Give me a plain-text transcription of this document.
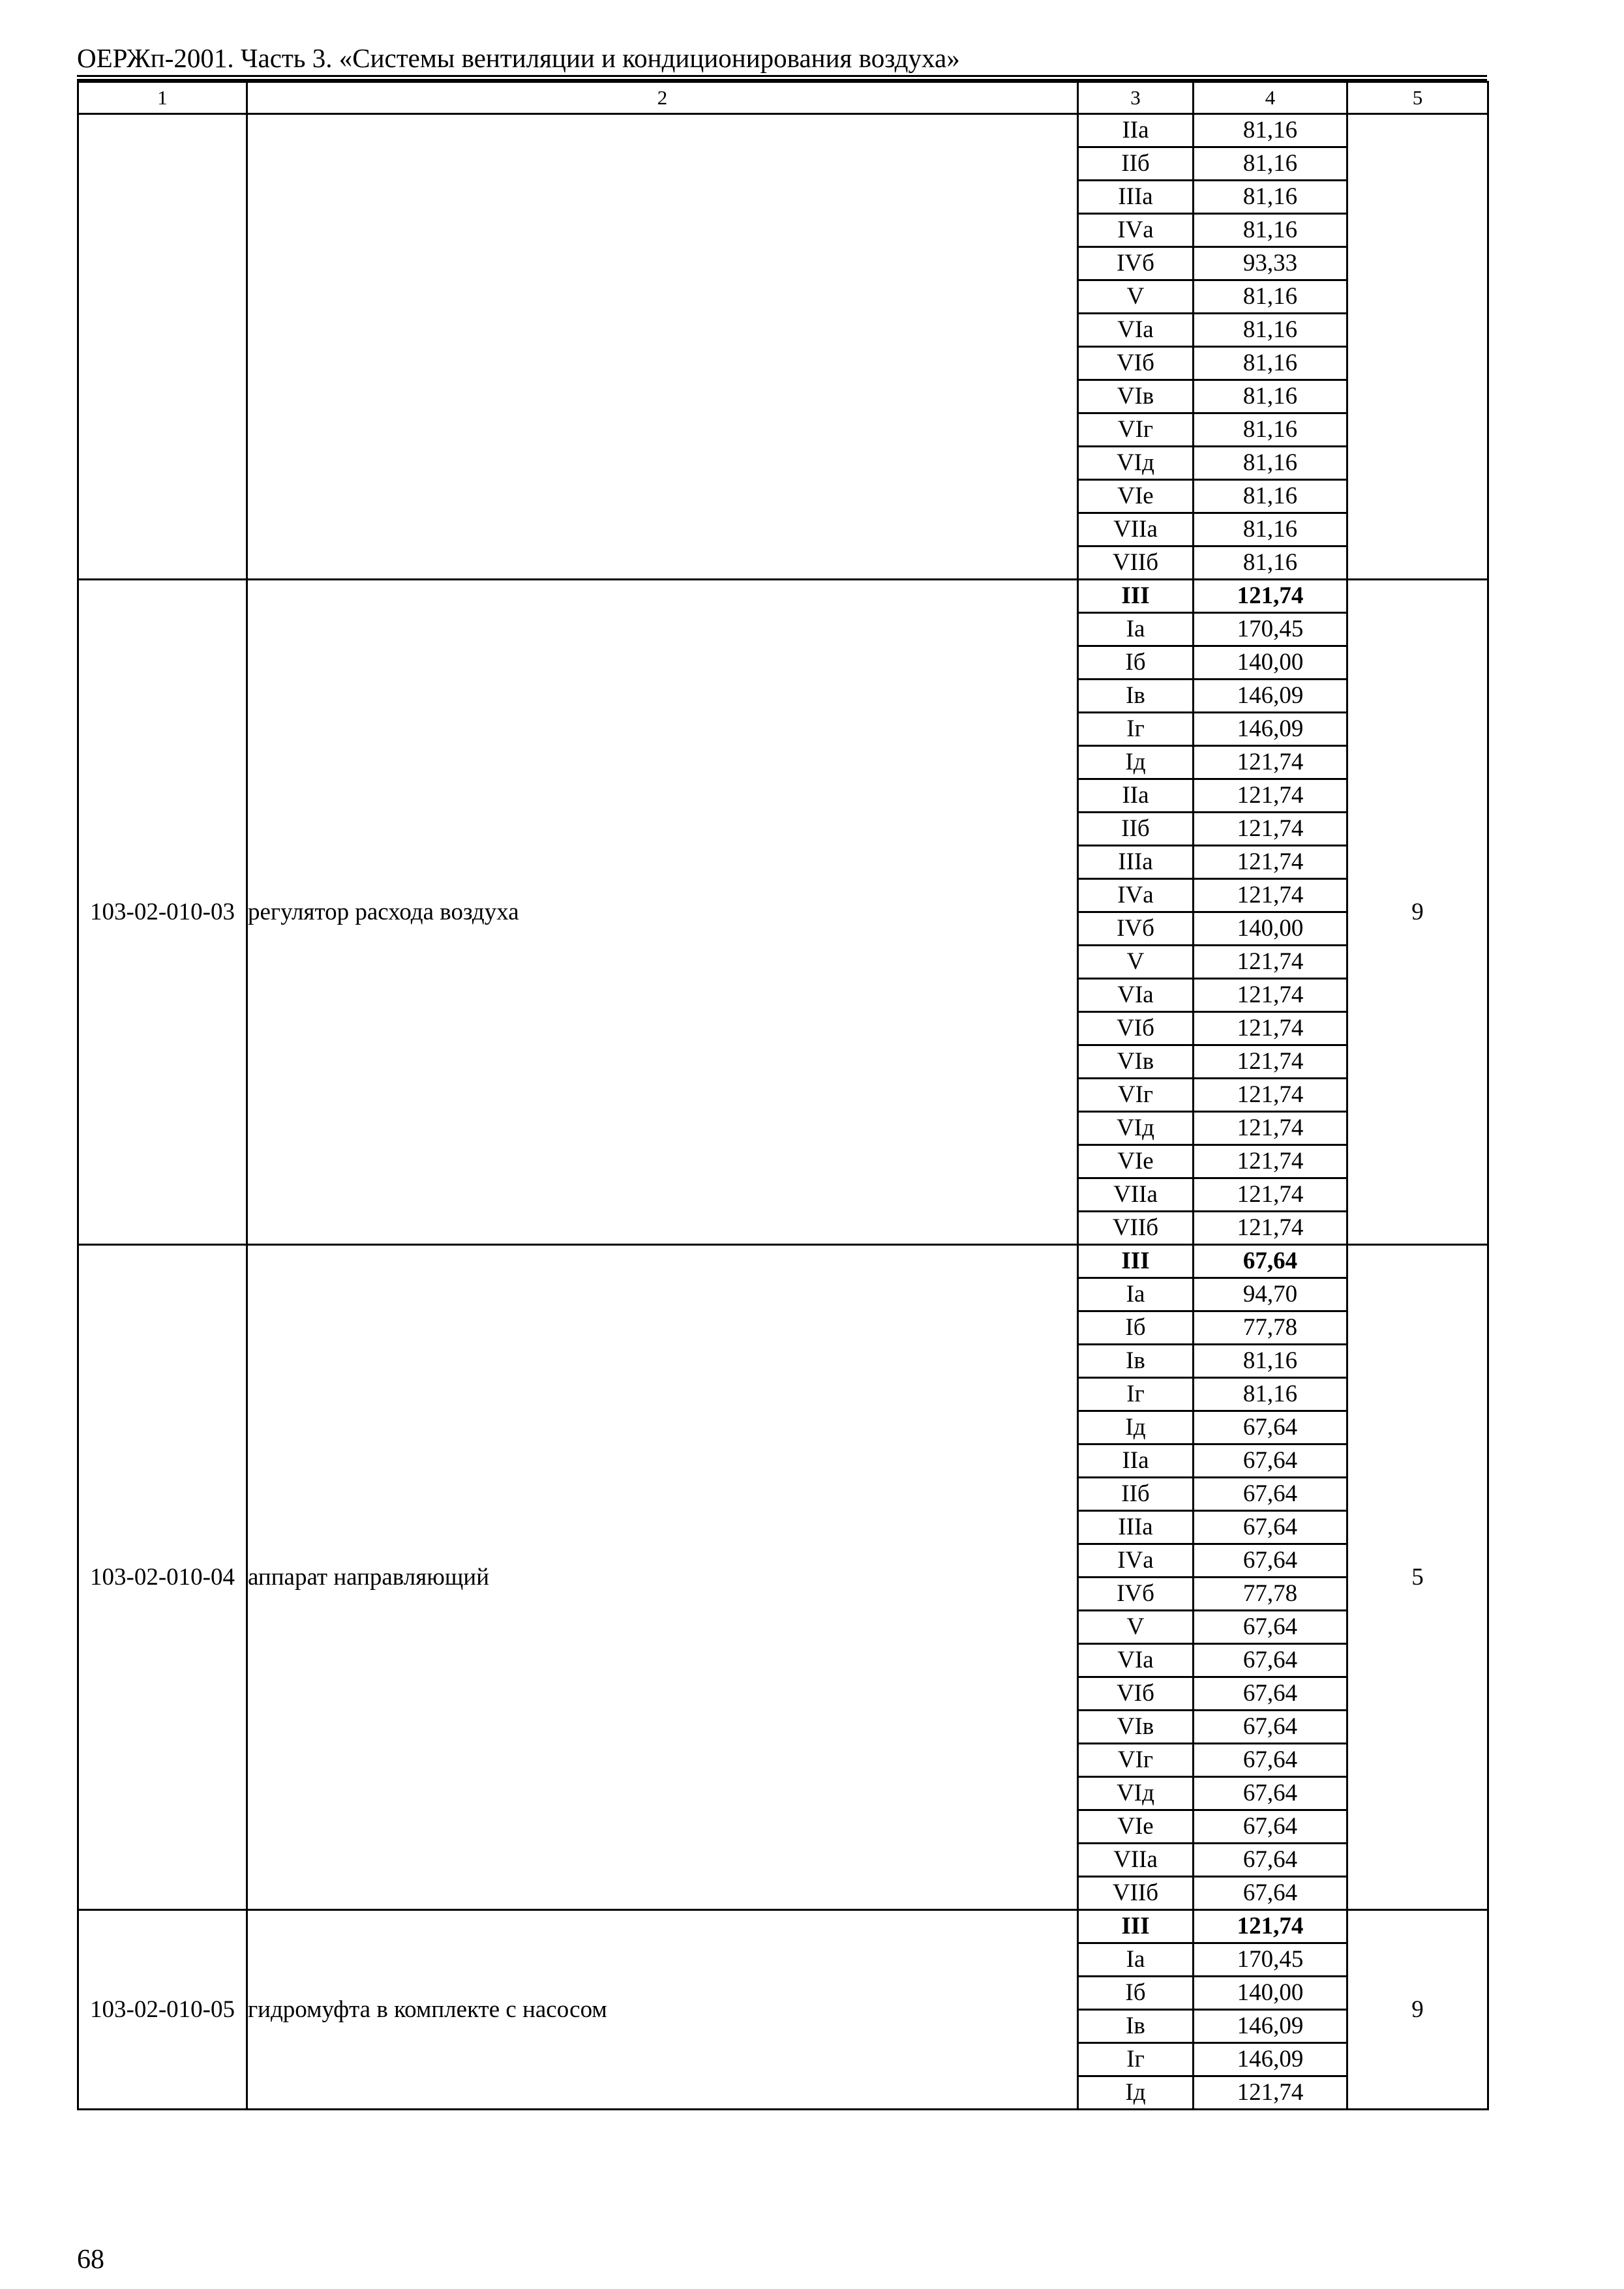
ОЕРЖп-2001. Часть 3. «Системы вентиляции и кондиционирования воздуха»
1	2	3	4	5
		IIа	81,16	
		IIб	81,16	
		IIIа	81,16	
		IVа	81,16	
		IVб	93,33	
		V	81,16	
		VIа	81,16	
		VIб	81,16	
		VIв	81,16	
		VIг	81,16	
		VIд	81,16	
		VIе	81,16	
		VIIа	81,16	
		VIIб	81,16	
103-02-010-03	регулятор расхода воздуха	III	121,74	9
		Iа	170,45	
		Iб	140,00	
		Iв	146,09	
		Iг	146,09	
		Iд	121,74	
		IIа	121,74	
		IIб	121,74	
		IIIа	121,74	
		IVа	121,74	
		IVб	140,00	
		V	121,74	
		VIа	121,74	
		VIб	121,74	
		VIв	121,74	
		VIг	121,74	
		VIд	121,74	
		VIе	121,74	
		VIIа	121,74	
		VIIб	121,74	
103-02-010-04	аппарат направляющий	III	67,64	5
		Iа	94,70	
		Iб	77,78	
		Iв	81,16	
		Iг	81,16	
		Iд	67,64	
		IIа	67,64	
		IIб	67,64	
		IIIа	67,64	
		IVа	67,64	
		IVб	77,78	
		V	67,64	
		VIа	67,64	
		VIб	67,64	
		VIв	67,64	
		VIг	67,64	
		VIд	67,64	
		VIе	67,64	
		VIIа	67,64	
		VIIб	67,64	
103-02-010-05	гидромуфта в комплекте с насосом	III	121,74	9
		Iа	170,45	
		Iб	140,00	
		Iв	146,09	
		Iг	146,09	
		Iд	121,74	
68
